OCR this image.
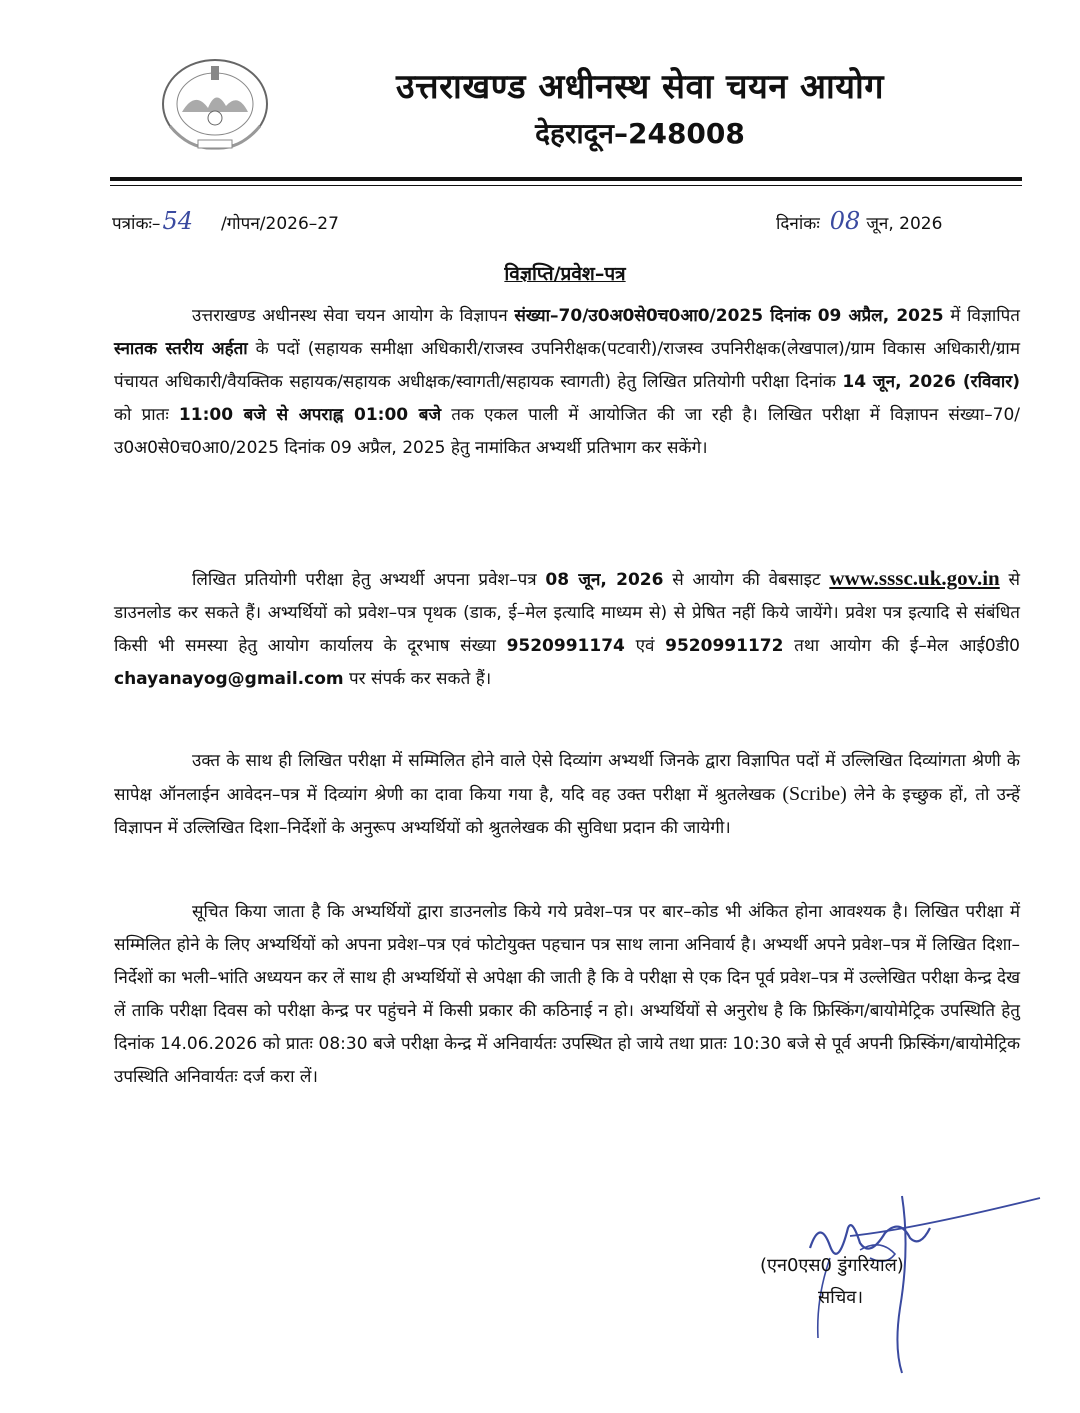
उत्तराखण्ड अधीनस्थ सेवा चयन आयोग
देहरादून–248008
पत्रांकः–54 /गोपन/2026–27	दिनांकः 08 जून, 2026
विज्ञप्ति/प्रवेश–पत्र

उत्तराखण्ड अधीनस्थ सेवा चयन आयोग के विज्ञापन संख्या–70/उ0अ0से0च0आ0/2025 दिनांक 09 अप्रैल, 2025 में विज्ञापित स्नातक स्तरीय अर्हता के पदों (सहायक समीक्षा अधिकारी/राजस्व उपनिरीक्षक(पटवारी)/राजस्व उपनिरीक्षक(लेखपाल)/ग्राम विकास अधिकारी/ग्राम पंचायत अधिकारी/वैयक्तिक सहायक/सहायक अधीक्षक/स्वागती/सहायक स्वागती) हेतु लिखित प्रतियोगी परीक्षा दिनांक 14 जून, 2026 (रविवार) को प्रातः 11:00 बजे से अपराह्न 01:00 बजे तक एकल पाली में आयोजित की जा रही है। लिखित परीक्षा में विज्ञापन संख्या–70/उ0अ0से0च0आ0/2025 दिनांक 09 अप्रैल, 2025 हेतु नामांकित अभ्यर्थी प्रतिभाग कर सकेंगे।

लिखित प्रतियोगी परीक्षा हेतु अभ्यर्थी अपना प्रवेश–पत्र 08 जून, 2026 से आयोग की वेबसाइट www.sssc.uk.gov.in से डाउनलोड कर सकते हैं। अभ्यर्थियों को प्रवेश–पत्र पृथक (डाक, ई–मेल इत्यादि माध्यम से) से प्रेषित नहीं किये जायेंगे। प्रवेश पत्र इत्यादि से संबंधित किसी भी समस्या हेतु आयोग कार्यालय के दूरभाष संख्या 9520991174 एवं 9520991172 तथा आयोग की ई–मेल आई0डी0 chayanayog@gmail.com पर संपर्क कर सकते हैं।

उक्त के साथ ही लिखित परीक्षा में सम्मिलित होने वाले ऐसे दिव्यांग अभ्यर्थी जिनके द्वारा विज्ञापित पदों में उल्लिखित दिव्यांगता श्रेणी के सापेक्ष ऑनलाईन आवेदन–पत्र में दिव्यांग श्रेणी का दावा किया गया है, यदि वह उक्त परीक्षा में श्रुतलेखक (Scribe) लेने के इच्छुक हों, तो उन्हें विज्ञापन में उल्लिखित दिशा–निर्देशों के अनुरूप अभ्यर्थियों को श्रुतलेखक की सुविधा प्रदान की जायेगी।

सूचित किया जाता है कि अभ्यर्थियों द्वारा डाउनलोड किये गये प्रवेश–पत्र पर बार–कोड भी अंकित होना आवश्यक है। लिखित परीक्षा में सम्मिलित होने के लिए अभ्यर्थियों को अपना प्रवेश–पत्र एवं फोटोयुक्त पहचान पत्र साथ लाना अनिवार्य है। अभ्यर्थी अपने प्रवेश–पत्र में लिखित दिशा–निर्देशों का भली–भांति अध्ययन कर लें साथ ही अभ्यर्थियों से अपेक्षा की जाती है कि वे परीक्षा से एक दिन पूर्व प्रवेश–पत्र में उल्लेखित परीक्षा केन्द्र देख लें ताकि परीक्षा दिवस को परीक्षा केन्द्र पर पहुंचने में किसी प्रकार की कठिनाई न हो। अभ्यर्थियों से अनुरोध है कि फ्रिस्किंग/बायोमेट्रिक उपस्थिति हेतु दिनांक 14.06.2026 को प्रातः 08:30 बजे परीक्षा केन्द्र में अनिवार्यतः उपस्थित हो जाये तथा प्रातः 10:30 बजे से पूर्व अपनी फ्रिस्किंग/बायोमेट्रिक उपस्थिति अनिवार्यतः दर्ज करा लें।

(एन0एस0 डुंगरियाल)
सचिव।
